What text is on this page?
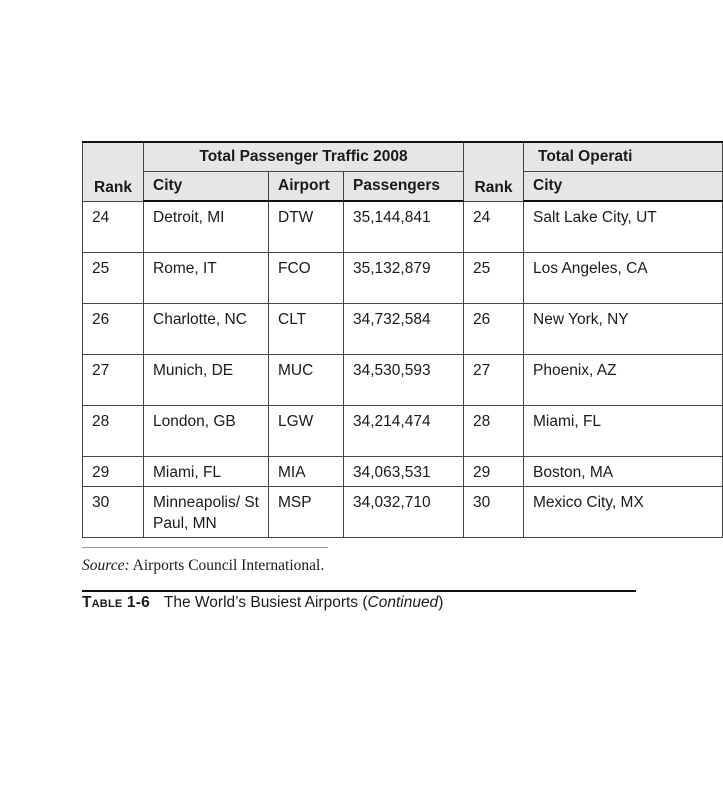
Rank	Total Passenger Traffic 2008			Rank	Total Operati
	City	Airport	Passengers		City
24	Detroit, MI	DTW	35,144,841	24	Salt Lake City, UT
25	Rome, IT	FCO	35,132,879	25	Los Angeles, CA
26	Charlotte, NC	CLT	34,732,584	26	New York, NY
27	Munich, DE	MUC	34,530,593	27	Phoenix, AZ
28	London, GB	LGW	34,214,474	28	Miami, FL
29	Miami, FL	MIA	34,063,531	29	Boston, MA
30	Minneapolis/ St Paul, MN	MSP	34,032,710	30	Mexico City, MX
Source: Airports Council International.
Table 1-6 The World’s Busiest Airports (Continued)
